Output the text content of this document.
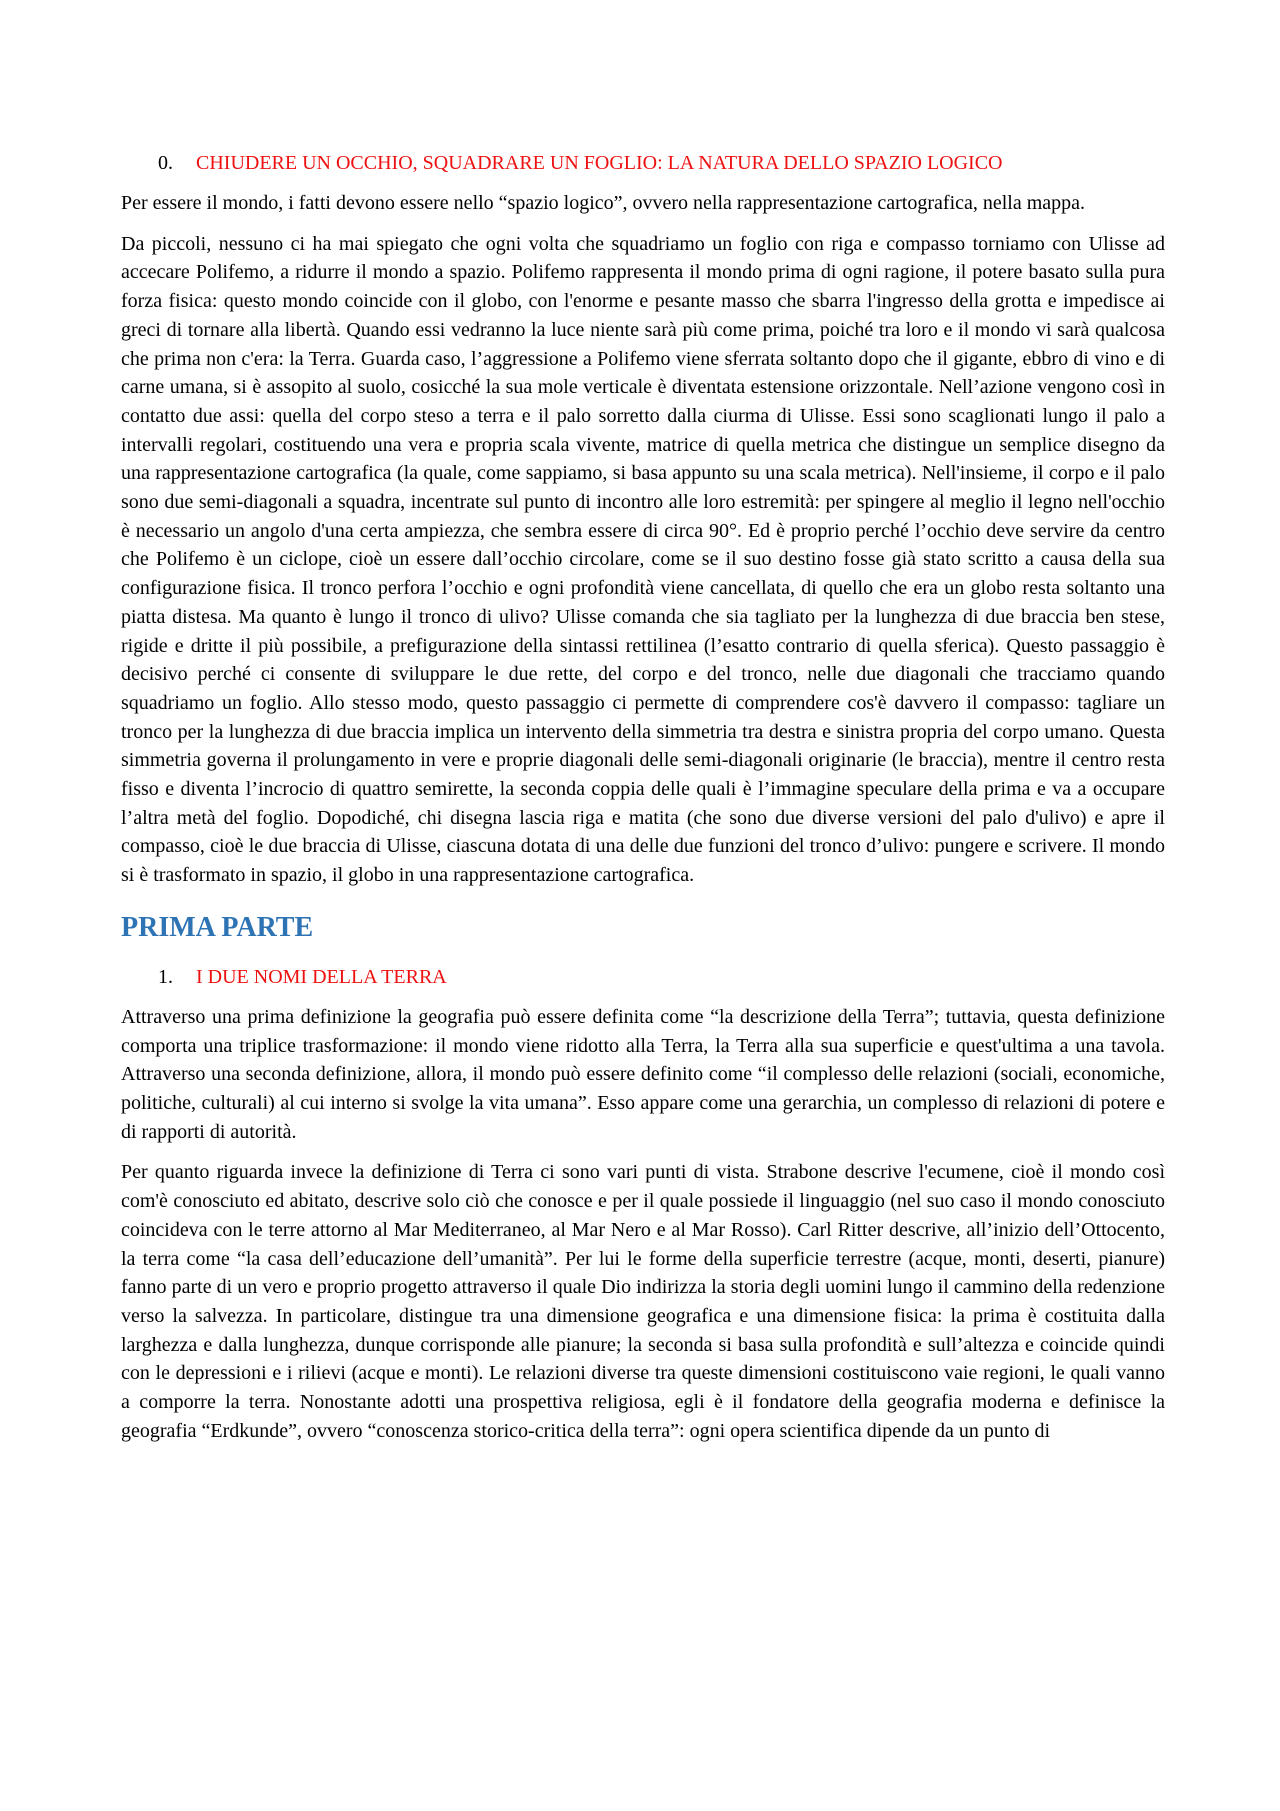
0.	CHIUDERE UN OCCHIO, SQUADRARE UN FOGLIO: LA NATURA DELLO SPAZIO LOGICO

Per essere il mondo, i fatti devono essere nello “spazio logico”, ovvero nella rappresentazione cartografica, nella mappa.

Da piccoli, nessuno ci ha mai spiegato che ogni volta che squadriamo un foglio con riga e compasso torniamo con Ulisse ad accecare Polifemo, a ridurre il mondo a spazio. Polifemo rappresenta il mondo prima di ogni ragione, il potere basato sulla pura forza fisica: questo mondo coincide con il globo, con l'enorme e pesante masso che sbarra l'ingresso della grotta e impedisce ai greci di tornare alla libertà. Quando essi vedranno la luce niente sarà più come prima, poiché tra loro e il mondo vi sarà qualcosa che prima non c'era: la Terra. Guarda caso, l’aggressione a Polifemo viene sferrata soltanto dopo che il gigante, ebbro di vino e di carne umana, si è assopito al suolo, cosicché la sua mole verticale è diventata estensione orizzontale. Nell’azione vengono così in contatto due assi: quella del corpo steso a terra e il palo sorretto dalla ciurma di Ulisse. Essi sono scaglionati lungo il palo a intervalli regolari, costituendo una vera e propria scala vivente, matrice di quella metrica che distingue un semplice disegno da una rappresentazione cartografica (la quale, come sappiamo, si basa appunto su una scala metrica). Nell'insieme, il corpo e il palo sono due semi-diagonali a squadra, incentrate sul punto di incontro alle loro estremità: per spingere al meglio il legno nell'occhio è necessario un angolo d'una certa ampiezza, che sembra essere di circa 90°. Ed è proprio perché l’occhio deve servire da centro che Polifemo è un ciclope, cioè un essere dall’occhio circolare, come se il suo destino fosse già stato scritto a causa della sua configurazione fisica. Il tronco perfora l’occhio e ogni profondità viene cancellata, di quello che era un globo resta soltanto una piatta distesa. Ma quanto è lungo il tronco di ulivo? Ulisse comanda che sia tagliato per la lunghezza di due braccia ben stese, rigide e dritte il più possibile, a prefigurazione della sintassi rettilinea (l’esatto contrario di quella sferica). Questo passaggio è decisivo perché ci consente di sviluppare le due rette, del corpo e del tronco, nelle due diagonali che tracciamo quando squadriamo un foglio. Allo stesso modo, questo passaggio ci permette di comprendere cos'è davvero il compasso: tagliare un tronco per la lunghezza di due braccia implica un intervento della simmetria tra destra e sinistra propria del corpo umano. Questa simmetria governa il prolungamento in vere e proprie diagonali delle semi-diagonali originarie (le braccia), mentre il centro resta fisso e diventa l’incrocio di quattro semirette, la seconda coppia delle quali è l’immagine speculare della prima e va a occupare l’altra metà del foglio. Dopodiché, chi disegna lascia riga e matita (che sono due diverse versioni del palo d'ulivo) e apre il compasso, cioè le due braccia di Ulisse, ciascuna dotata di una delle due funzioni del tronco d’ulivo: pungere e scrivere. Il mondo si è trasformato in spazio, il globo in una rappresentazione cartografica.

PRIMA PARTE
1.	I DUE NOMI DELLA TERRA

Attraverso una prima definizione la geografia può essere definita come “la descrizione della Terra”; tuttavia, questa definizione comporta una triplice trasformazione: il mondo viene ridotto alla Terra, la Terra alla sua superficie e quest'ultima a una tavola. Attraverso una seconda definizione, allora, il mondo può essere definito come “il complesso delle relazioni (sociali, economiche, politiche, culturali) al cui interno si svolge la vita umana”. Esso appare come una gerarchia, un complesso di relazioni di potere e di rapporti di autorità.

Per quanto riguarda invece la definizione di Terra ci sono vari punti di vista. Strabone descrive l'ecumene, cioè il mondo così com'è conosciuto ed abitato, descrive solo ciò che conosce e per il quale possiede il linguaggio (nel suo caso il mondo conosciuto coincideva con le terre attorno al Mar Mediterraneo, al Mar Nero e al Mar Rosso). Carl Ritter descrive, all’inizio dell’Ottocento, la terra come “la casa dell’educazione dell’umanità”. Per lui le forme della superficie terrestre (acque, monti, deserti, pianure) fanno parte di un vero e proprio progetto attraverso il quale Dio indirizza la storia degli uomini lungo il cammino della redenzione verso la salvezza. In particolare, distingue tra una dimensione geografica e una dimensione fisica: la prima è costituita dalla larghezza e dalla lunghezza, dunque corrisponde alle pianure; la seconda si basa sulla profondità e sull’altezza e coincide quindi con le depressioni e i rilievi (acque e monti). Le relazioni diverse tra queste dimensioni costituiscono vaie regioni, le quali vanno a comporre la terra. Nonostante adotti una prospettiva religiosa, egli è il fondatore della geografia moderna e definisce la geografia “Erdkunde”, ovvero “conoscenza storico-critica della terra”: ogni opera scientifica dipende da un punto di
